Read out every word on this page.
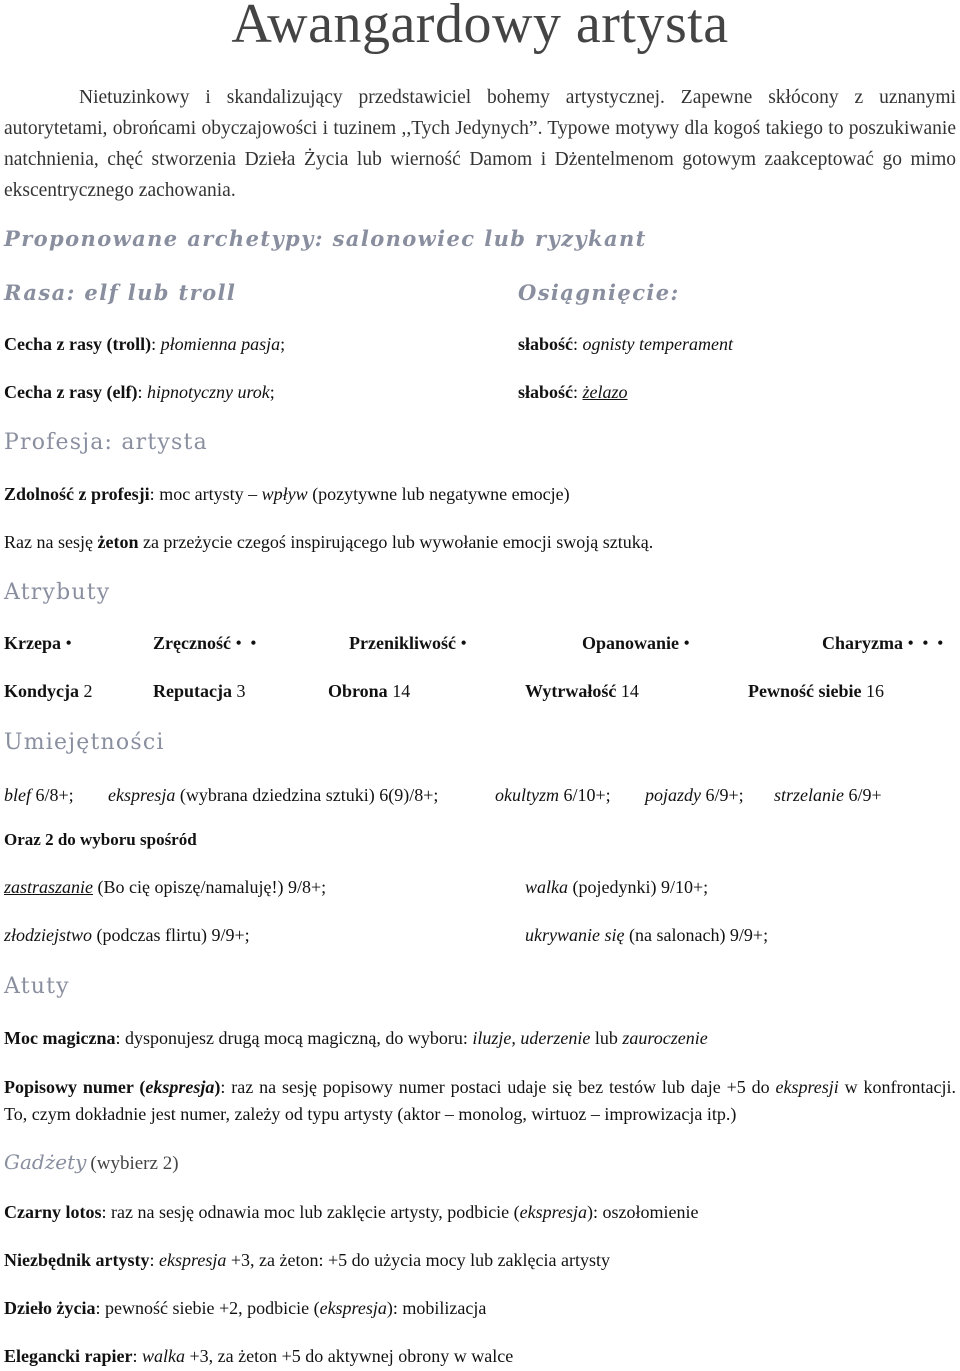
Awangardowy artysta
Nietuzinkowy i skandalizujący przedstawiciel bohemy artystycznej. Zapewne skłócony z uznanymi autorytetami, obrońcami obyczajowości i tuzinem ,,Tych Jedynych”. Typowe motywy dla kogoś takiego to poszukiwanie natchnienia, chęć stworzenia Dzieła Życia lub wierność Damom i Dżentelmenom gotowym zaakceptować go mimo ekscentrycznego zachowania.
Proponowane archetypy: salonowiec lub ryzykant
Rasa: elf lub troll	Osiągnięcie:
Cecha z rasy (troll): płomienna pasja;	słabość: ognisty temperament
Cecha z rasy (elf): hipnotyczny urok;	słabość: żelazo
Profesja: artysta
Zdolność z profesji: moc artysty – wpływ (pozytywne lub negatywne emocje)
Raz na sesję żeton za przeżycie czegoś inspirującego lub wywołanie emocji swoją sztuką.
Atrybuty
Krzepa •	Zręczność • •	Przenikliwość •	Opanowanie •	Charyzma • • •
Kondycja 2	Reputacja 3	Obrona 14	Wytrwałość 14	Pewność siebie 16
Umiejętności
blef 6/8+; ekspresja (wybrana dziedzina sztuki) 6(9)/8+;	okultyzm 6/10+; pojazdy 6/9+; strzelanie 6/9+
Oraz 2 do wyboru spośród
zastraszanie (Bo cię opiszę/namaluję!) 9/8+;	walka (pojedynki) 9/10+;
złodziejstwo (podczas flirtu) 9/9+;	ukrywanie się (na salonach) 9/9+;
Atuty
Moc magiczna: dysponujesz drugą mocą magiczną, do wyboru: iluzje, uderzenie lub zauroczenie
Popisowy numer (ekspresja): raz na sesję popisowy numer postaci udaje się bez testów lub daje +5 do ekspresji w konfrontacji. To, czym dokładnie jest numer, zależy od typu artysty (aktor – monolog, wirtuoz – improwizacja itp.)
Gadżety (wybierz 2)
Czarny lotos: raz na sesję odnawia moc lub zaklęcie artysty, podbicie (ekspresja): oszołomienie
Niezbędnik artysty: ekspresja +3, za żeton: +5 do użycia mocy lub zaklęcia artysty
Dzieło życia: pewność siebie +2, podbicie (ekspresja): mobilizacja
Elegancki rapier: walka +3, za żeton +5 do aktywnej obrony w walce
